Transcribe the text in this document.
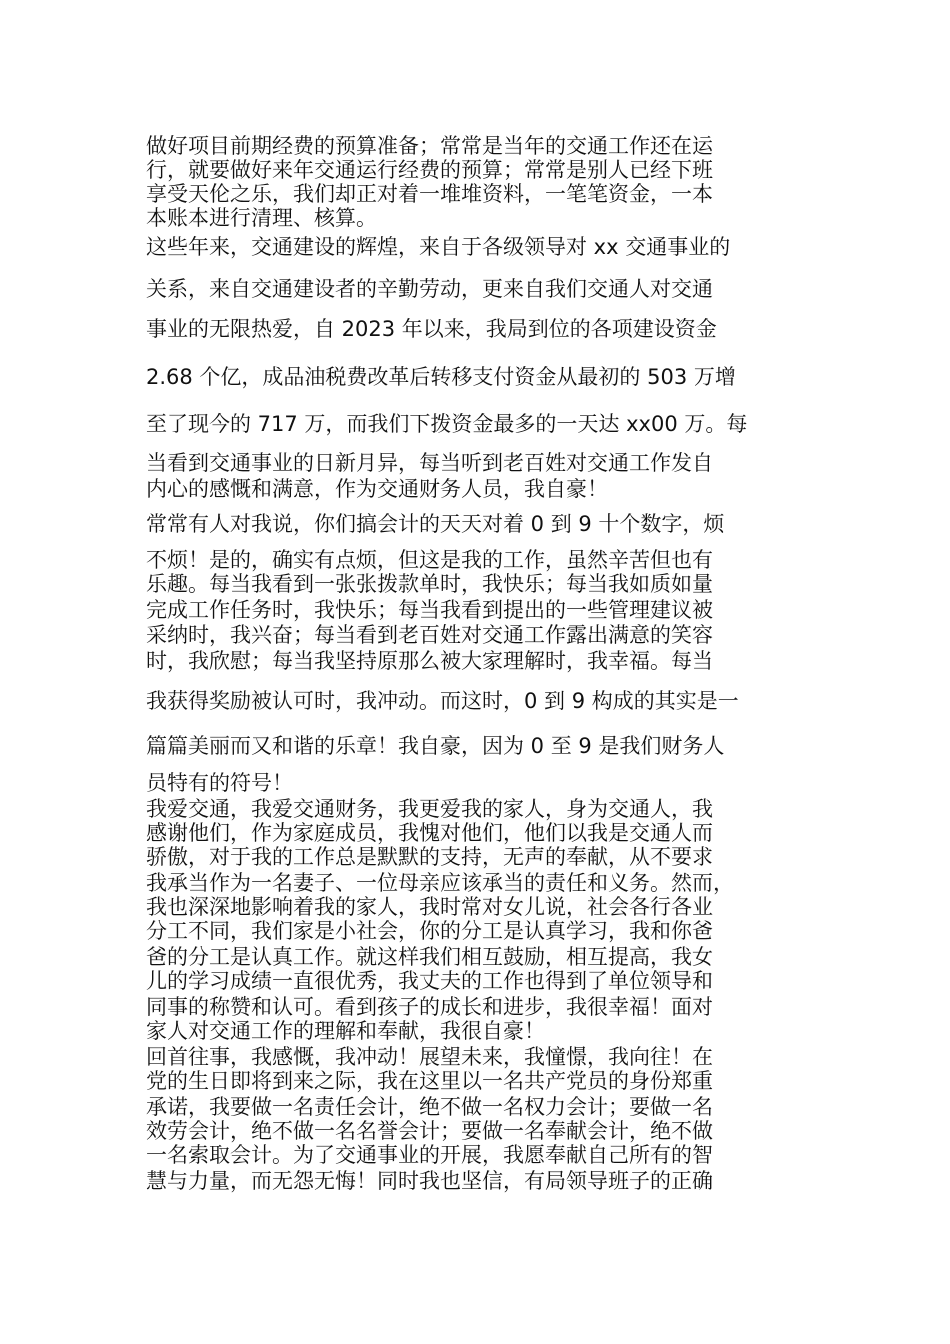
做好项目前期经费的预算准备；常常是当年的交通工作还在运

行，就要做好来年交通运行经费的预算；常常是别人已经下班

享受天伦之乐，我们却正对着一堆堆资料，一笔笔资金，一本

本账本进行清理、核算。

这些年来，交通建设的辉煌，来自于各级领导对 xx 交通事业的

关系，来自交通建设者的辛勤劳动，更来自我们交通人对交通

事业的无限热爱，自 2023 年以来，我局到位的各项建设资金

2.68 个亿，成品油税费改革后转移支付资金从最初的 503 万增

至了现今的 717 万，而我们下拨资金最多的一天达 xx00 万。每

当看到交通事业的日新月异，每当听到老百姓对交通工作发自

内心的感慨和满意，作为交通财务人员，我自豪！

常常有人对我说，你们搞会计的天天对着 0 到 9 十个数字，烦

不烦！是的，确实有点烦，但这是我的工作，虽然辛苦但也有

乐趣。每当我看到一张张拨款单时，我快乐；每当我如质如量

完成工作任务时，我快乐；每当我看到提出的一些管理建议被

采纳时，我兴奋；每当看到老百姓对交通工作露出满意的笑容

时，我欣慰；每当我坚持原那么被大家理解时，我幸福。每当

我获得奖励被认可时，我冲动。而这时，0 到 9 构成的其实是一

篇篇美丽而又和谐的乐章！我自豪，因为 0 至 9 是我们财务人

员特有的符号！

我爱交通，我爱交通财务，我更爱我的家人，身为交通人，我

感谢他们，作为家庭成员，我愧对他们，他们以我是交通人而

骄傲，对于我的工作总是默默的支持，无声的奉献，从不要求

我承当作为一名妻子、一位母亲应该承当的责任和义务。然而，

我也深深地影响着我的家人，我时常对女儿说，社会各行各业

分工不同，我们家是小社会，你的分工是认真学习，我和你爸

爸的分工是认真工作。就这样我们相互鼓励，相互提高，我女

儿的学习成绩一直很优秀，我丈夫的工作也得到了单位领导和

同事的称赞和认可。看到孩子的成长和进步，我很幸福！面对

家人对交通工作的理解和奉献，我很自豪！

回首往事，我感慨，我冲动！展望未来，我憧憬，我向往！在

党的生日即将到来之际，我在这里以一名共产党员的身份郑重

承诺，我要做一名责任会计，绝不做一名权力会计；要做一名

效劳会计，绝不做一名名誉会计；要做一名奉献会计，绝不做

一名索取会计。为了交通事业的开展，我愿奉献自己所有的智

慧与力量，而无怨无悔！同时我也坚信，有局领导班子的正确
